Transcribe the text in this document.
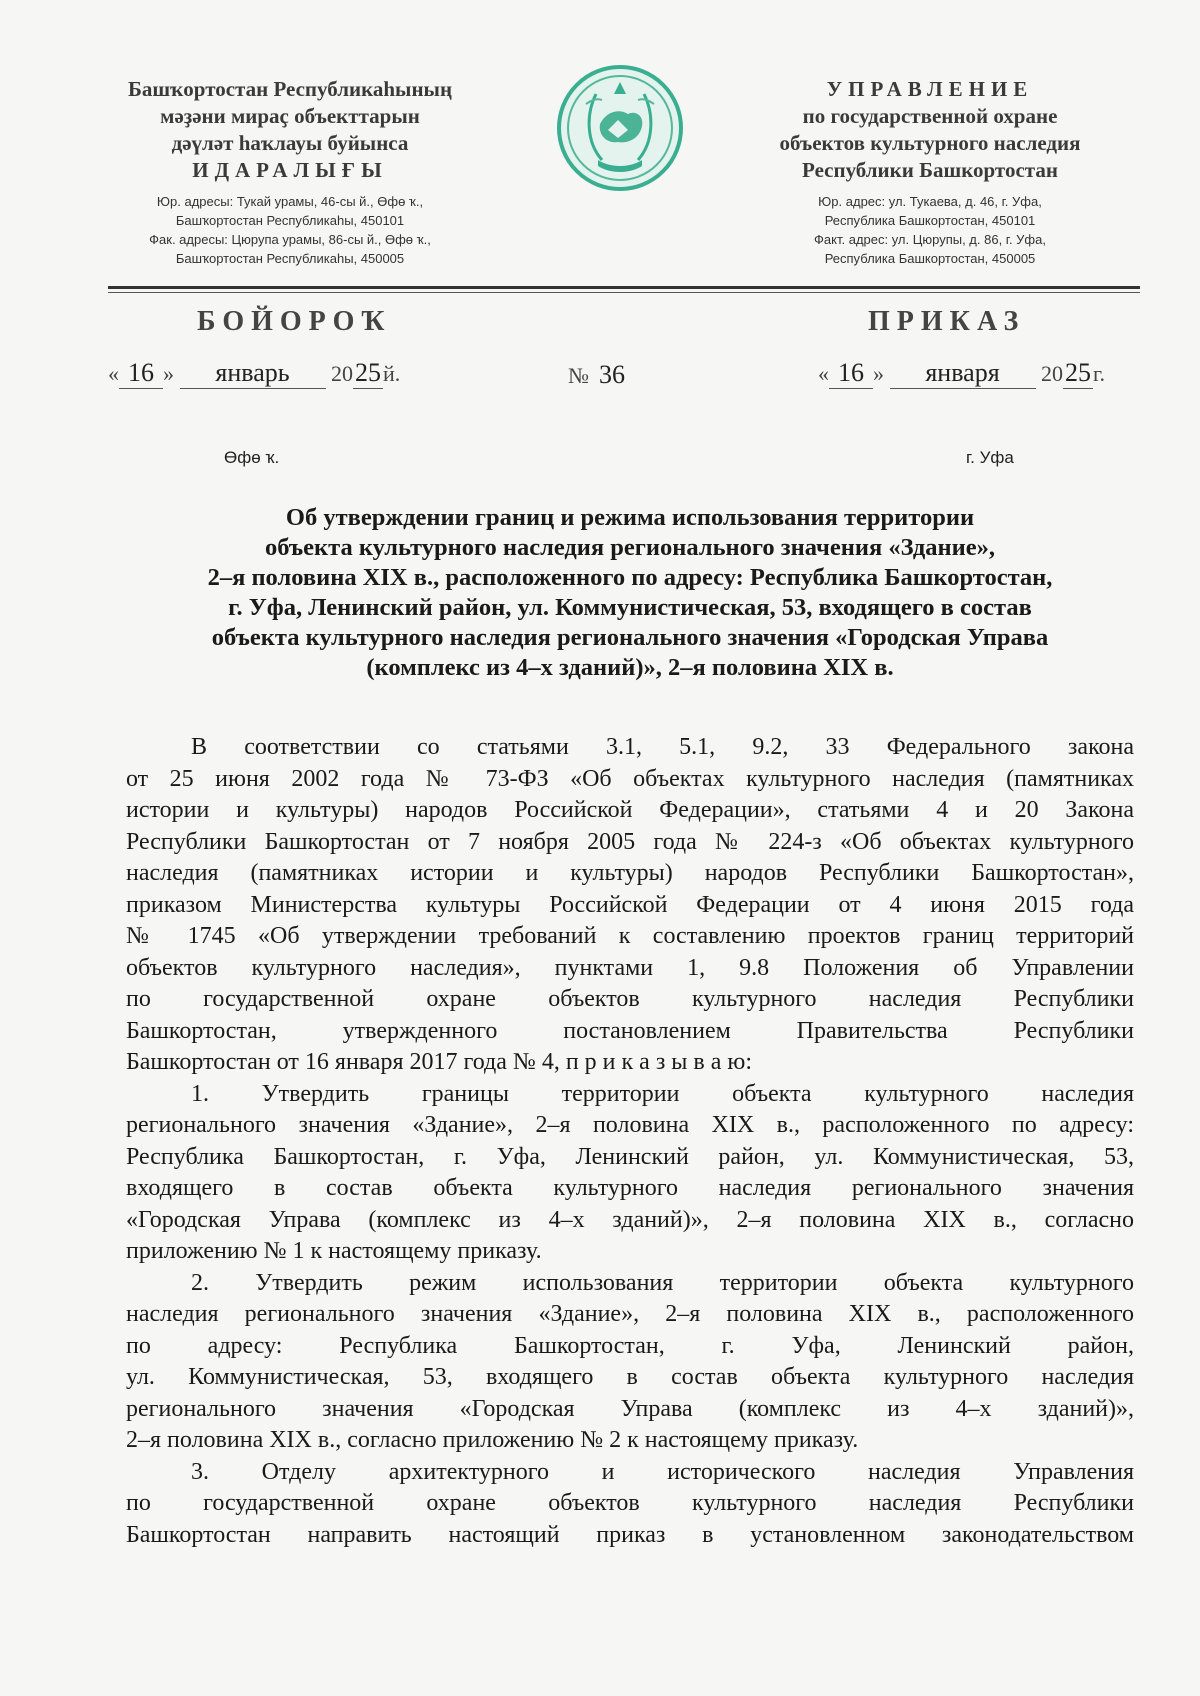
Башҡортостан Республикаһының
мәҙәни мираҫ объекттарын
дәүләт һаҡлауы буйынса
ИДАРАЛЫҒЫ
Юр. адресы: Тукай урамы, 46-сы й., Өфө ҡ.,
Башҡортостан Республикаһы, 450101
Фак. адресы: Цюрупа урамы, 86-сы й., Өфө ҡ.,
Башҡортостан Республикаһы, 450005
УПРАВЛЕНИЕ
по государственной охране
объектов культурного наследия
Республики Башкортостан
Юр. адрес: ул. Тукаева, д. 46, г. Уфа,
Республика Башкортостан, 450101
Факт. адрес: ул. Цюрупы, д. 86, г. Уфа,
Республика Башкортостан, 450005
БОЙОРОҠ	ПРИКАЗ
« 16 » январь 2025й.	№ 36	« 16 » января 2025г.
Өфө ҡ.	г. Уфа
Об утверждении границ и режима использования территории
объекта культурного наследия регионального значения «Здание»,
2–я половина XIX в., расположенного по адресу: Республика Башкортостан,
г. Уфа, Ленинский район, ул. Коммунистическая, 53, входящего в состав
объекта культурного наследия регионального значения «Городская Управа
(комплекс из 4–х зданий)», 2–я половина XIX в.
В соответствии со статьями 3.1, 5.1, 9.2, 33 Федерального закона
от 25 июня 2002 года № 73-ФЗ «Об объектах культурного наследия (памятниках
истории и культуры) народов Российской Федерации», статьями 4 и 20 Закона
Республики Башкортостан от 7 ноября 2005 года № 224-з «Об объектах культурного
наследия (памятниках истории и культуры) народов Республики Башкортостан»,
приказом Министерства культуры Российской Федерации от 4 июня 2015 года
№ 1745 «Об утверждении требований к составлению проектов границ территорий
объектов культурного наследия», пунктами 1, 9.8 Положения об Управлении
по государственной охране объектов культурного наследия Республики
Башкортостан, утвержденного постановлением Правительства Республики
Башкортостан от 16 января 2017 года № 4, п р и к а з ы в а ю:
1. Утвердить границы территории объекта культурного наследия
регионального значения «Здание», 2–я половина XIX в., расположенного по адресу:
Республика Башкортостан, г. Уфа, Ленинский район, ул. Коммунистическая, 53,
входящего в состав объекта культурного наследия регионального значения
«Городская Управа (комплекс из 4–х зданий)», 2–я половина XIX в., согласно
приложению № 1 к настоящему приказу.
2. Утвердить режим использования территории объекта культурного
наследия регионального значения «Здание», 2–я половина XIX в., расположенного
по адресу: Республика Башкортостан, г. Уфа, Ленинский район,
ул. Коммунистическая, 53, входящего в состав объекта культурного наследия
регионального значения «Городская Управа (комплекс из 4–х зданий)»,
2–я половина XIX в., согласно приложению № 2 к настоящему приказу.
3. Отделу архитектурного и исторического наследия Управления
по государственной охране объектов культурного наследия Республики
Башкортостан направить настоящий приказ в установленном законодательством
